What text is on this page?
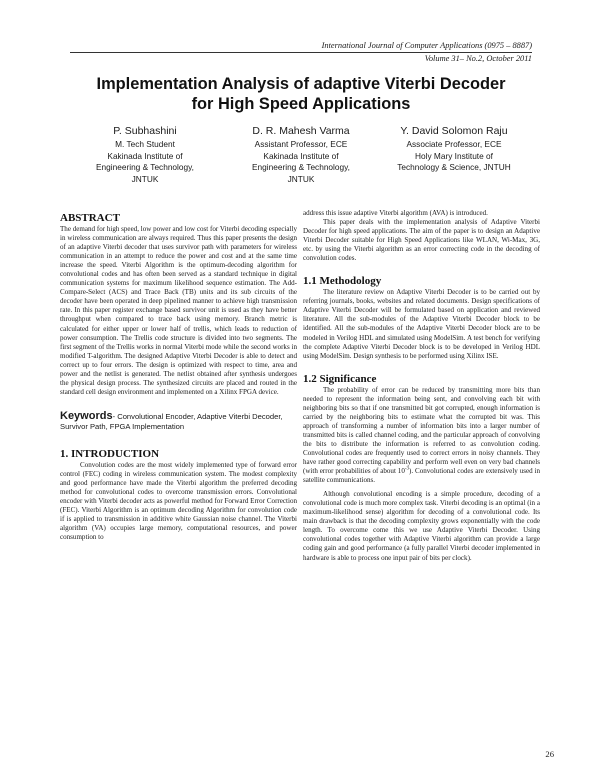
International Journal of Computer Applications (0975 – 8887)
Volume 31– No.2, October 2011
Implementation Analysis of adaptive Viterbi Decoder
for High Speed Applications
P. Subhashini
M. Tech Student
Kakinada Institute of
Engineering & Technology,
JNTUK
D. R. Mahesh Varma
Assistant Professor, ECE
Kakinada Institute of
Engineering & Technology,
JNTUK
Y. David Solomon Raju
Associate Professor, ECE
Holy Mary Institute of
Technology & Science, JNTUH
ABSTRACT

The demand for high speed, low power and low cost for Viterbi decoding especially in wireless communication are always required. Thus this paper presents the design of an adaptive Viterbi decoder that uses survivor path with parameters for wireless communication in an attempt to reduce the power and cost and at the same time increase the speed. Viterbi Algorithm is the optimum-decoding algorithm for convolutional codes and has often been served as a standard technique in digital communication systems for maximum likelihood sequence estimation. The Add-Compare-Select (ACS) and Trace Back (TB) units and its sub circuits of the decoder have been operated in deep pipelined manner to achieve high transmission rate. In this paper register exchange based survivor unit is used as they have better throughput when compared to trace back using memory. Branch metric is calculated for either upper or lower half of trellis, which leads to reduction of power consumption. The Trellis code structure is divided into two segments. The first segment of the Trellis works in normal Viterbi mode while the second works in modified T-algorithm. The designed Adaptive Viterbi Decoder is able to detect and correct up to four errors. The design is optimized with respect to time, area and power and the netlist is generated. The netlist obtained after synthesis undergoes the physical design process. The synthesized circuits are placed and routed in the standard cell design environment and implemented on a Xilinx FPGA device.

Keywords- Convolutional Encoder, Adaptive Viterbi Decoder, Survivor Path, FPGA Implementation
1. INTRODUCTION

Convolution codes are the most widely implemented type of forward error control (FEC) coding in wireless communication system. The modest complexity and good performance have made the Viterbi algorithm the preferred decoding method for convolutional codes to overcome transmission errors. Convolutional encoder with Viterbi decoder acts as powerful method for Forward Error Correction (FEC). Viterbi Algorithm is an optimum decoding Algorithm for convolution code if is applied to transmission in additive white Gaussian noise channel. The Viterbi algorithm (VA) occupies large memory, computational resources, and power consumption to

address this issue adaptive Viterbi algorithm (AVA) is introduced.

This paper deals with the implementation analysis of Adaptive Viterbi Decoder for high speed applications. The aim of the paper is to design an Adaptive Viterbi Decoder suitable for High Speed Applications like WLAN, Wi-Max, 3G, etc. by using the Viterbi algorithm as an error correcting code in the decoding of convolution codes.

1.1 Methodology

The literature review on Adaptive Viterbi Decoder is to be carried out by referring journals, books, websites and related documents. Design specifications of Adaptive Viterbi Decoder will be formulated based on application and reviewed literature. All the sub-modules of the Adaptive Viterbi Decoder block to be identified. All the sub-modules of the Adaptive Viterbi Decoder block are to be modeled in Verilog HDL and simulated using ModelSim. A test bench for verifying the complete Adaptive Viterbi Decoder block is to be developed in Verilog HDL using ModelSim. Design synthesis to be performed using Xilinx ISE.

1.2 Significance

The probability of error can be reduced by transmitting more bits than needed to represent the information being sent, and convolving each bit with neighboring bits so that if one transmitted bit got corrupted, enough information is carried by the neighboring bits to estimate what the corrupted bit was. This approach of transforming a number of information bits into a larger number of transmitted bits is called channel coding, and the particular approach of convolving the bits to distribute the information is referred to as convolution coding. Convolutional codes are frequently used to correct errors in noisy channels. They have rather good correcting capability and perform well even on very bad channels (with error probabilities of about $10^{-3}$). Convolutional codes are extensively used in satellite communications.

Although convolutional encoding is a simple procedure, decoding of a convolutional code is much more complex task. Viterbi decoding is an optimal (in a maximum-likelihood sense) algorithm for decoding of a convolutional code. Its main drawback is that the decoding complexity grows exponentially with the code length. To overcome come this we use Adaptive Viterbi Decoder. Using convolutional codes together with Adaptive Viterbi algorithm can provide a large coding gain and good performance (a fully parallel Viterbi decoder implemented in hardware is able to process one input pair of bits per clock).

26
